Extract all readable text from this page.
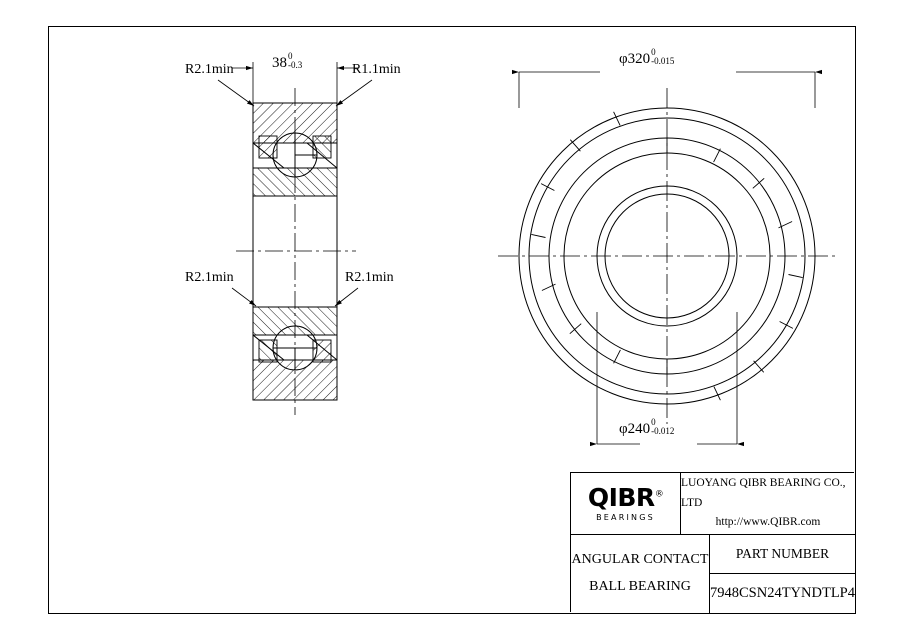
38 0
-0.3	φ320 0
-0.015
φ240 0
-0.012
R2.1min	R1.1min
R2.1min	R2.1min
QIBR®
BEARINGS
LUOYANG QIBR BEARING CO., LTD
http://www.QIBR.com
ANGULAR CONTACT
BALL BEARING
PART NUMBER
7948CSN24TYNDTLP4
